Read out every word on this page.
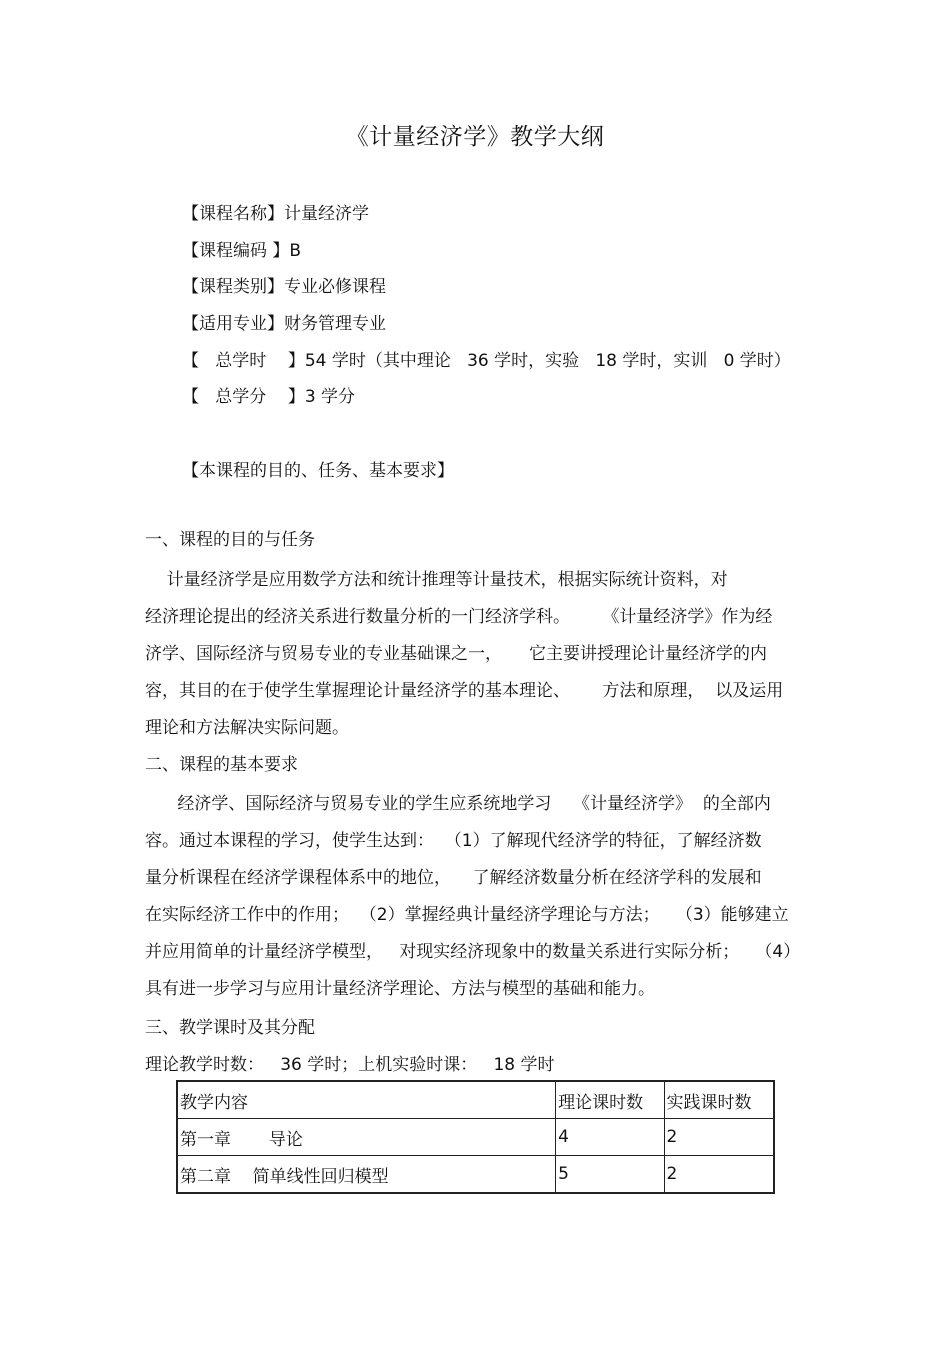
《计量经济学》教学大纲
【课程名称】计量经济学
【课程编码 】B
【课程类别】专业必修课程
【适用专业】财务管理专业
【   总学时    】54 学时（其中理论   36 学时，实验   18 学时，实训   0 学时）
【   总学分    】3 学分
【本课程的目的、任务、基本要求】
一、课程的目的与任务
计量经济学是应用数学方法和统计推理等计量技术，根据实际统计资料，对
经济理论提出的经济关系进行数量分析的一门经济学科。      《计量经济学》作为经
济学、国际经济与贸易专业的专业基础课之一，     它主要讲授理论计量经济学的内
容，其目的在于使学生掌握理论计量经济学的基本理论、      方法和原理，  以及运用
理论和方法解决实际问题。
二、课程的基本要求
经济学、国际经济与贸易专业的学生应系统地学习    《计量经济学》  的全部内
容。通过本课程的学习，使学生达到：  （1）了解现代经济学的特征，了解经济数
量分析课程在经济学课程体系中的地位，    了解经济数量分析在经济学科的发展和
在实际经济工作中的作用；  （2）掌握经典计量经济学理论与方法；   （3）能够建立
并应用简单的计量经济学模型，   对现实经济现象中的数量关系进行实际分析；   （4）
具有进一步学习与应用计量经济学理论、方法与模型的基础和能力。
三、教学课时及其分配
理论教学时数：   36 学时；上机实验时课：   18 学时
教学内容	理论课时数	实践课时数
第一章       导论	4	2
第二章    简单线性回归模型	5	2
